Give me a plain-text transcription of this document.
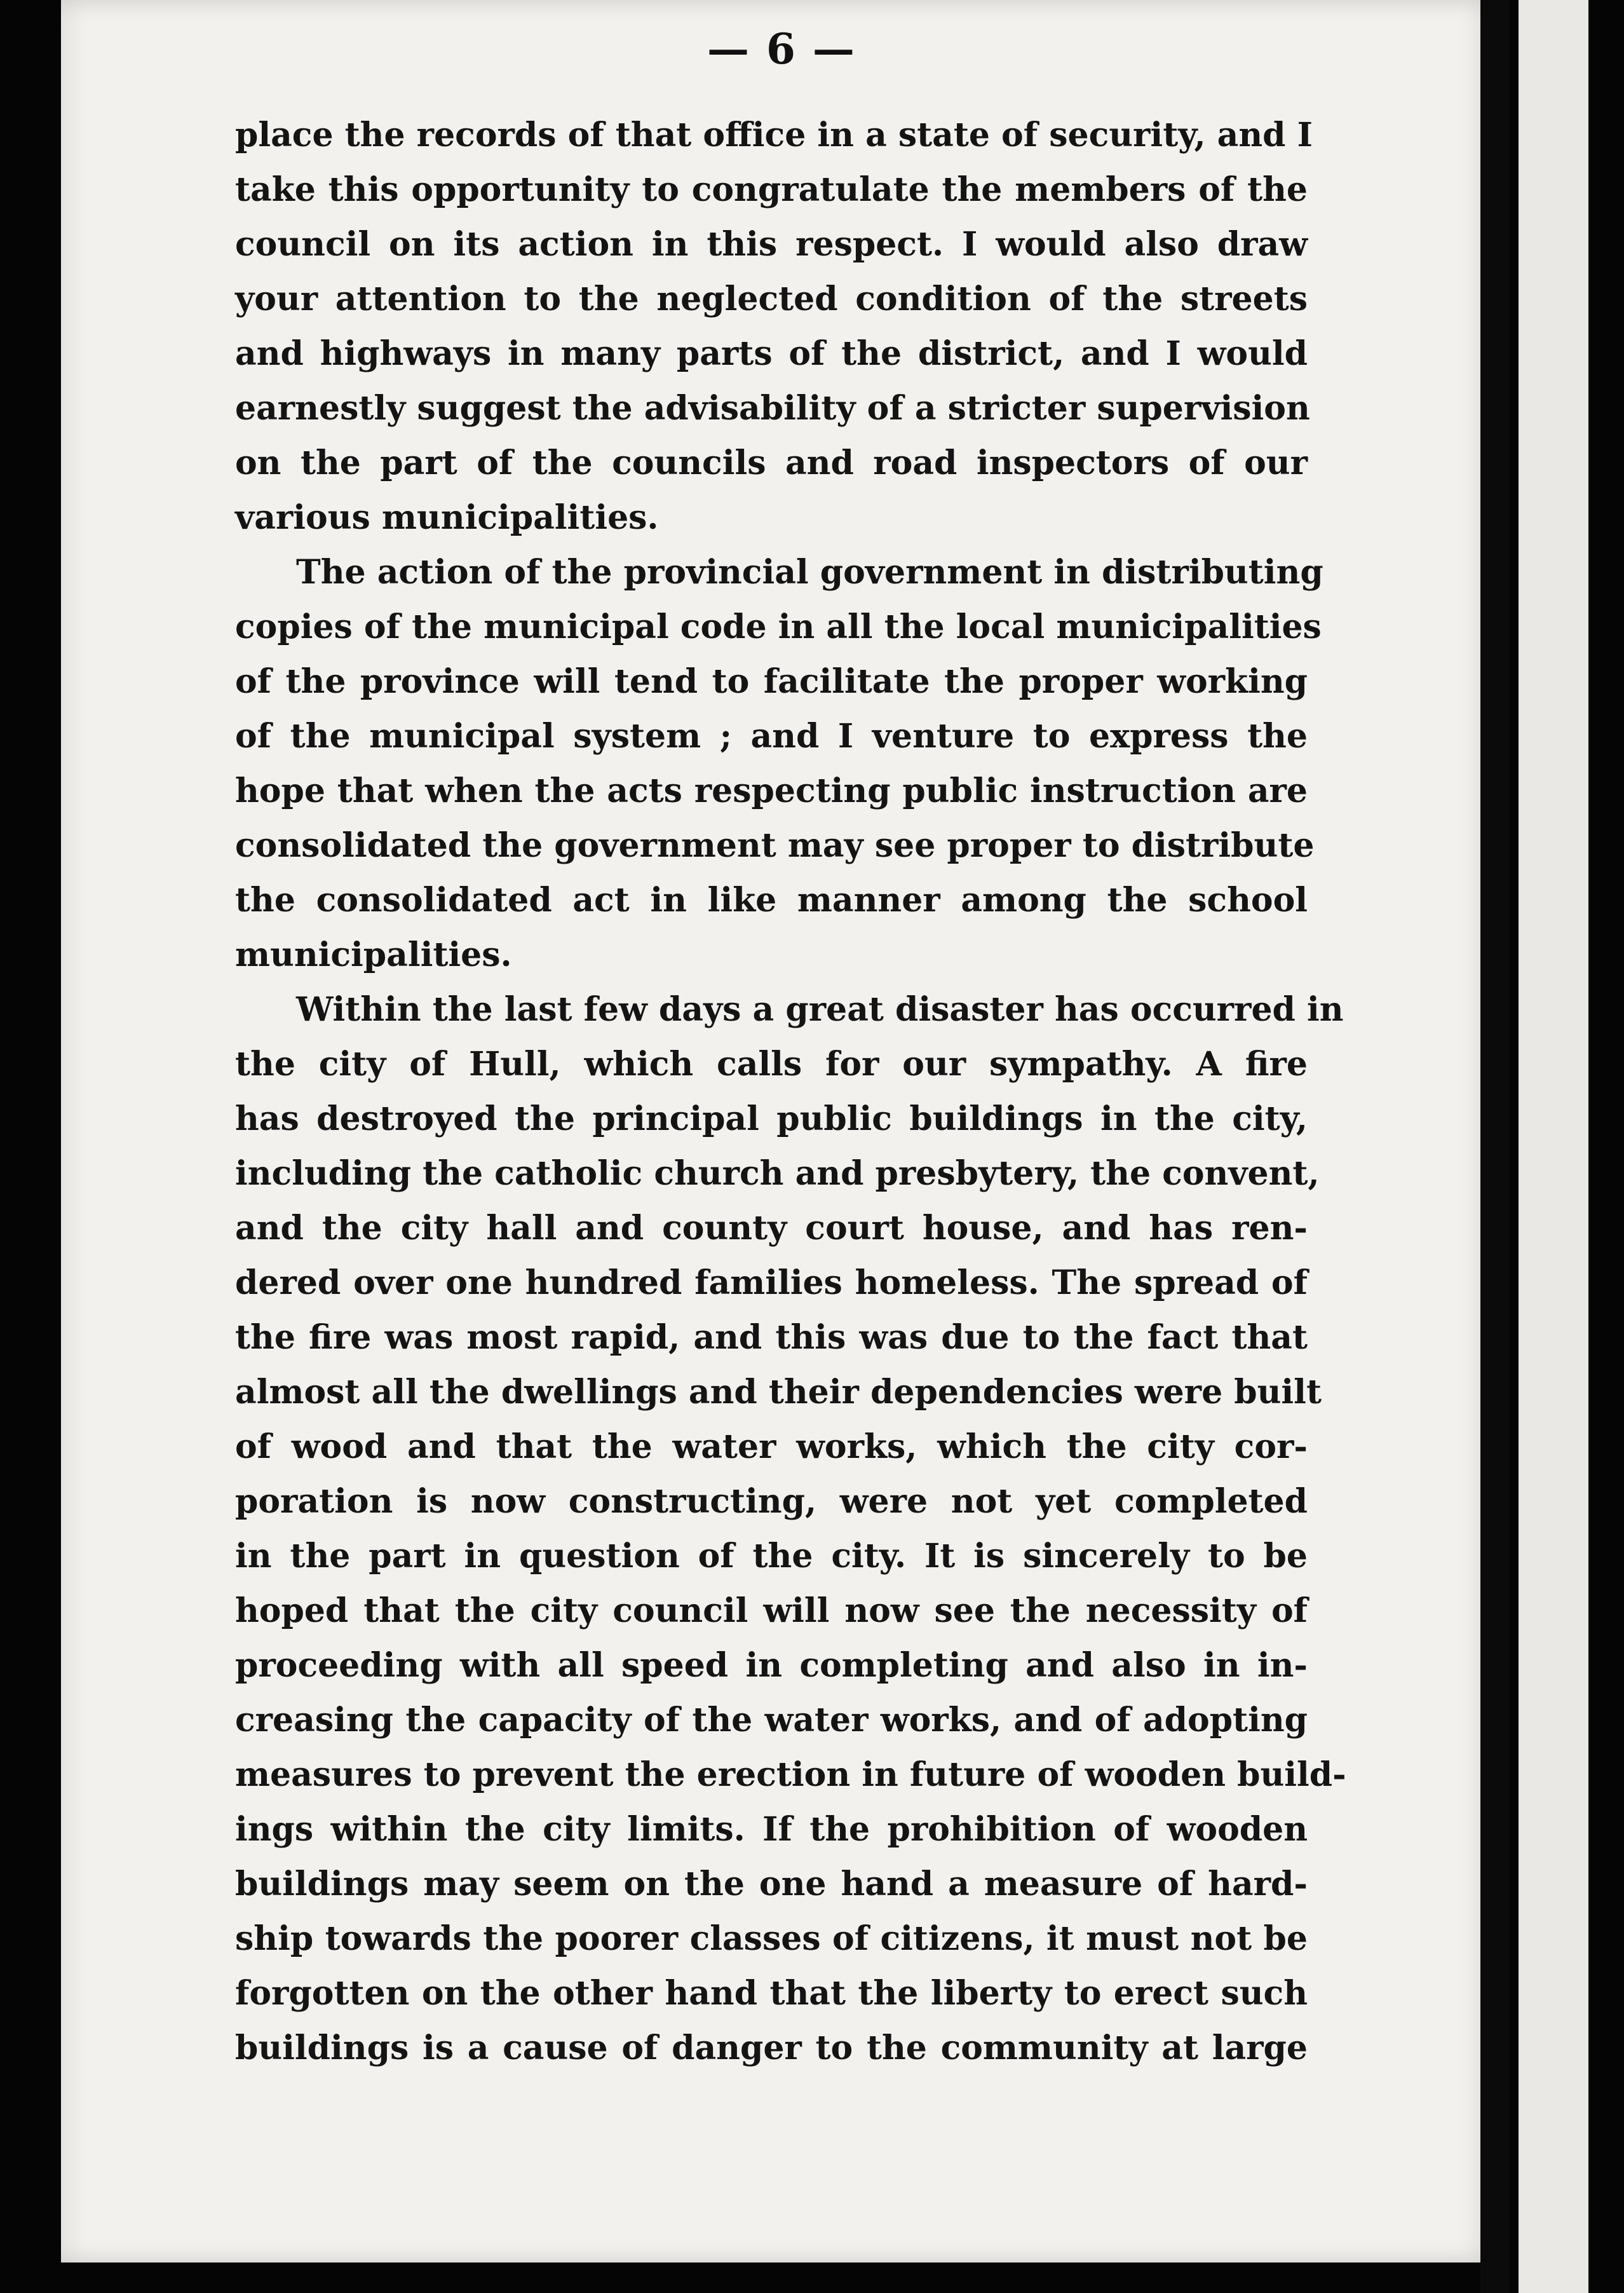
— 6 —
place the records of that office in a state of security, and I
take this opportunity to congratulate the members of the
council on its action in this respect. I would also draw
your attention to the neglected condition of the streets
and highways in many parts of the district, and I would
earnestly suggest the advisability of a stricter supervision
on the part of the councils and road inspectors of our
various municipalities.
The action of the provincial government in distributing
copies of the municipal code in all the local municipalities
of the province will tend to facilitate the proper working
of the municipal system ; and I venture to express the
hope that when the acts respecting public instruction are
consolidated the government may see proper to distribute
the consolidated act in like manner among the school
municipalities.
Within the last few days a great disaster has occurred in
the city of Hull, which calls for our sympathy. A fire
has destroyed the principal public buildings in the city,
including the catholic church and presbytery, the convent,
and the city hall and county court house, and has ren-
dered over one hundred families homeless. The spread of
the fire was most rapid, and this was due to the fact that
almost all the dwellings and their dependencies were built
of wood and that the water works, which the city cor-
poration is now constructing, were not yet completed
in the part in question of the city. It is sincerely to be
hoped that the city council will now see the necessity of
proceeding with all speed in completing and also in in-
creasing the capacity of the water works, and of adopting
measures to prevent the erection in future of wooden build-
ings within the city limits. If the prohibition of wooden
buildings may seem on the one hand a measure of hard-
ship towards the poorer classes of citizens, it must not be
forgotten on the other hand that the liberty to erect such
buildings is a cause of danger to the community at large
